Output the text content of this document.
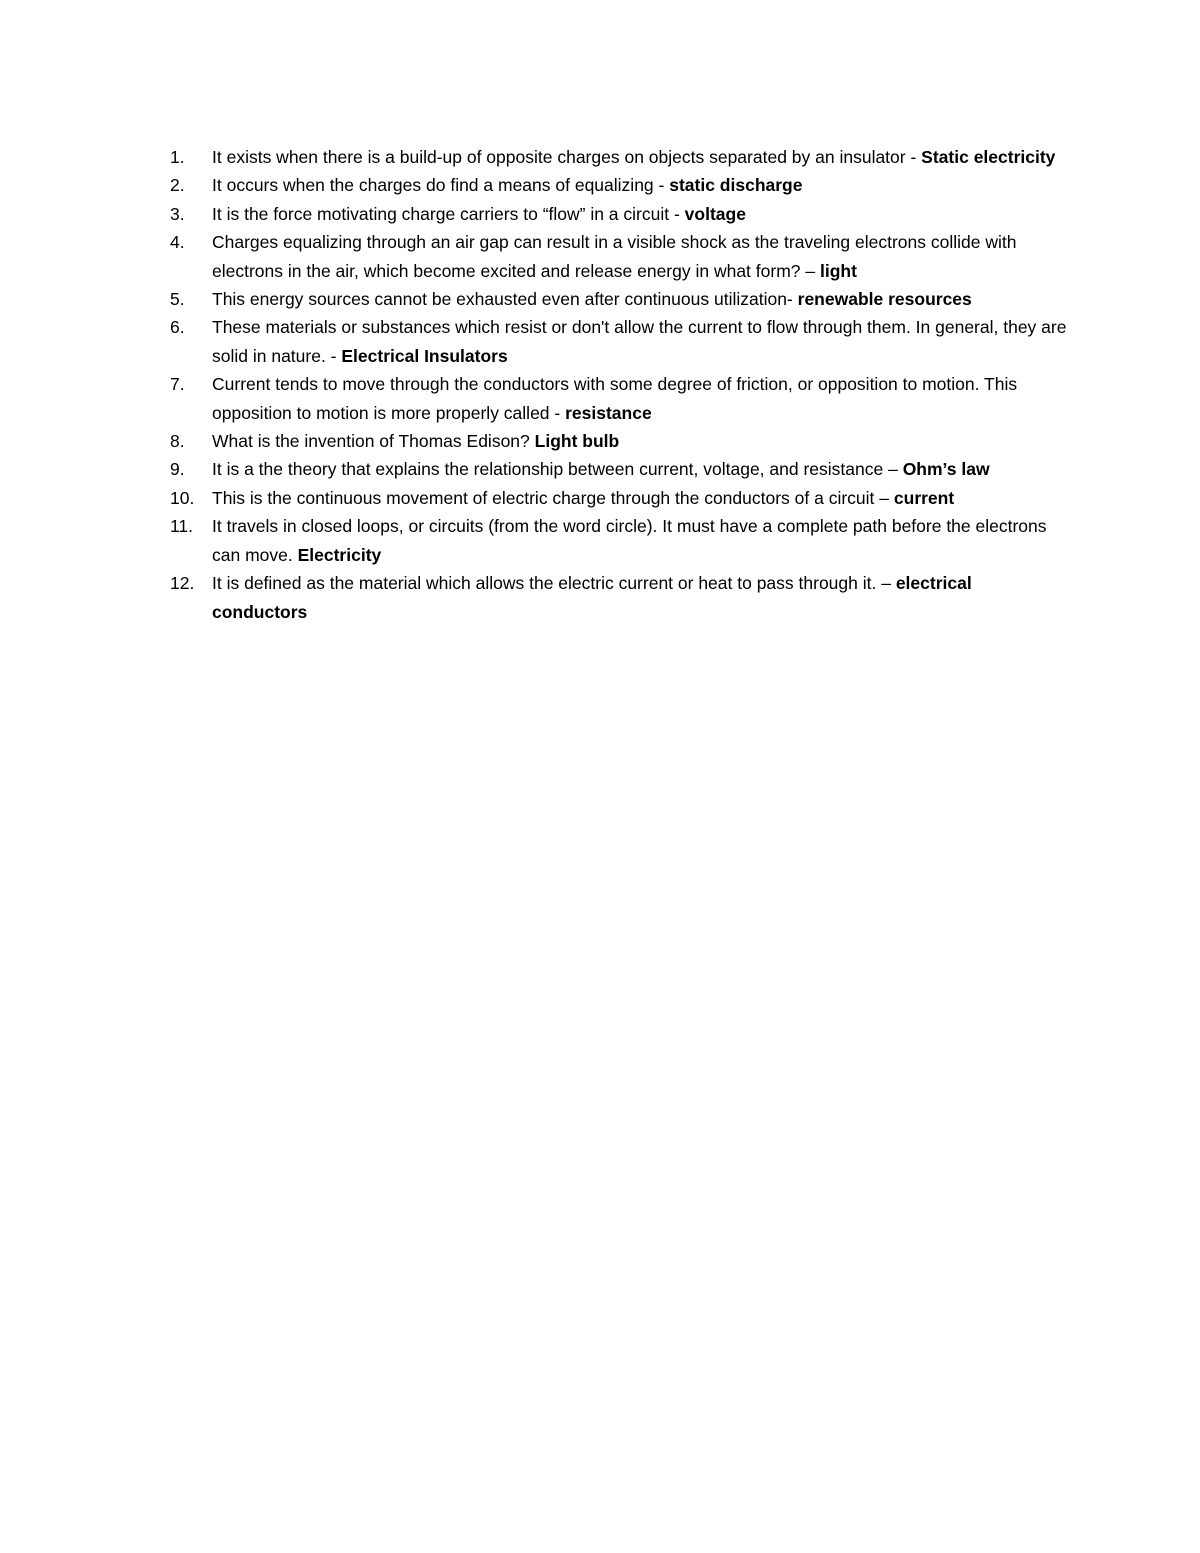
1.	It exists when there is a build-up of opposite charges on objects separated by an insulator - Static electricity
2.	It occurs when the charges do find a means of equalizing - static discharge
3.	It is the force motivating charge carriers to “flow” in a circuit - voltage
4.	Charges equalizing through an air gap can result in a visible shock as the traveling electrons collide with electrons in the air, which become excited and release energy in what form? – light
5.	This energy sources cannot be exhausted even after continuous utilization- renewable resources
6.	These materials or substances which resist or don't allow the current to flow through them. In general, they are solid in nature. - Electrical Insulators
7.	Current tends to move through the conductors with some degree of friction, or opposition to motion. This opposition to motion is more properly called - resistance
8.	What is the invention of Thomas Edison? Light bulb
9.	It is a the theory that explains the relationship between current, voltage, and resistance – Ohm’s law
10.	This is the continuous movement of electric charge through the conductors of a circuit – current
11.	It travels in closed loops, or circuits (from the word circle). It must have a complete path before the electrons can move. Electricity
12.	It is defined as the material which allows the electric current or heat to pass through it. – electrical conductors
